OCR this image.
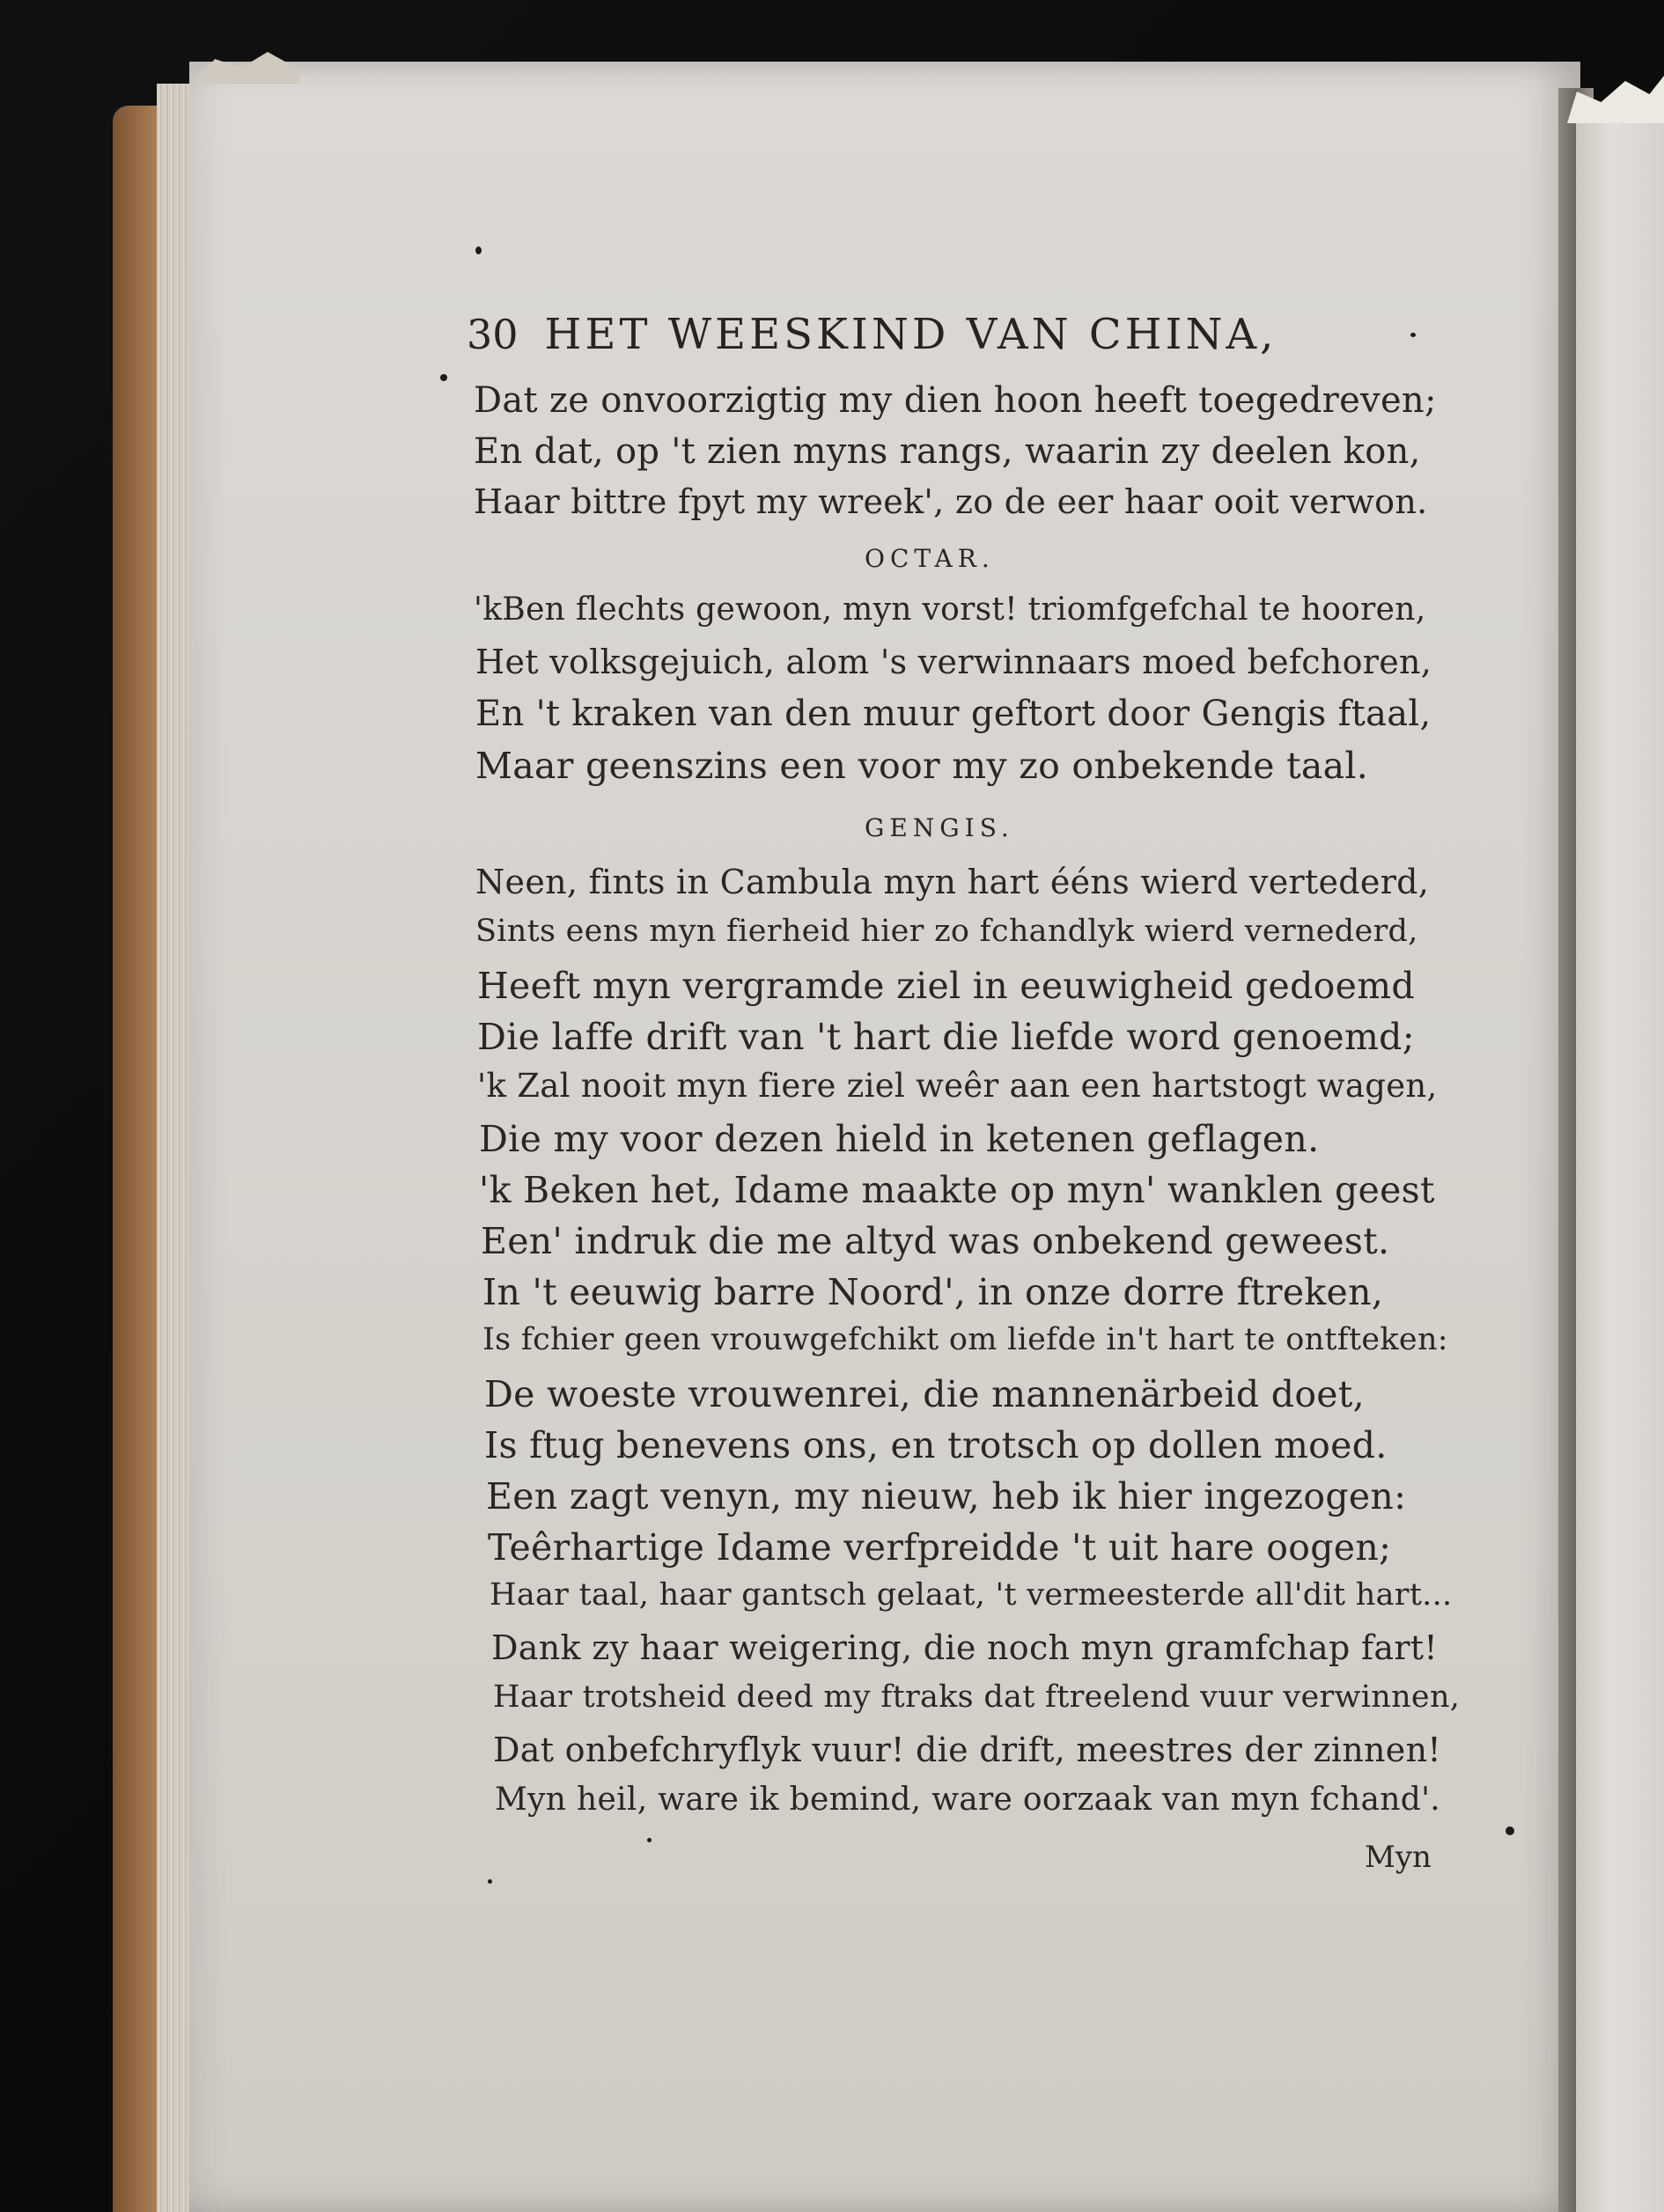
30 HET WEESKIND VAN CHINA,
Dat ze onvoorzigtig my dien hoon heeft toegedreven;
En dat, op 't zien myns rangs, waarin zy deelen kon,
Haar bittre fpyt my wreek', zo de eer haar ooit verwon.
OCTAR.
'kBen flechts gewoon, myn vorst! triomfgefchal te hooren,
Het volksgejuich, alom 's verwinnaars moed befchoren,
En 't kraken van den muur geftort door Gengis ftaal,
Maar geenszins een voor my zo onbekende taal.
GENGIS.
Neen, fints in Cambula myn hart ééns wierd vertederd,
Sints eens myn fierheid hier zo fchandlyk wierd vernederd,
Heeft myn vergramde ziel in eeuwigheid gedoemd
Die laffe drift van 't hart die liefde word genoemd;
'k Zal nooit myn fiere ziel weêr aan een hartstogt wagen,
Die my voor dezen hield in ketenen geflagen.
'k Beken het, Idame maakte op myn' wanklen geest
Een' indruk die me altyd was onbekend geweest.
In 't eeuwig barre Noord', in onze dorre ftreken,
Is fchier geen vrouwgefchikt om liefde in't hart te ontfteken:
De woeste vrouwenrei, die mannenärbeid doet,
Is ftug benevens ons, en trotsch op dollen moed.
Een zagt venyn, my nieuw, heb ik hier ingezogen:
Teêrhartige Idame verfpreidde 't uit hare oogen;
Haar taal, haar gantsch gelaat, 't vermeesterde all'dit hart...
Dank zy haar weigering, die noch myn gramfchap fart!
Haar trotsheid deed my ftraks dat ftreelend vuur verwinnen,
Dat onbefchryflyk vuur! die drift, meestres der zinnen!
Myn heil, ware ik bemind, ware oorzaak van myn fchand'.
Myn
